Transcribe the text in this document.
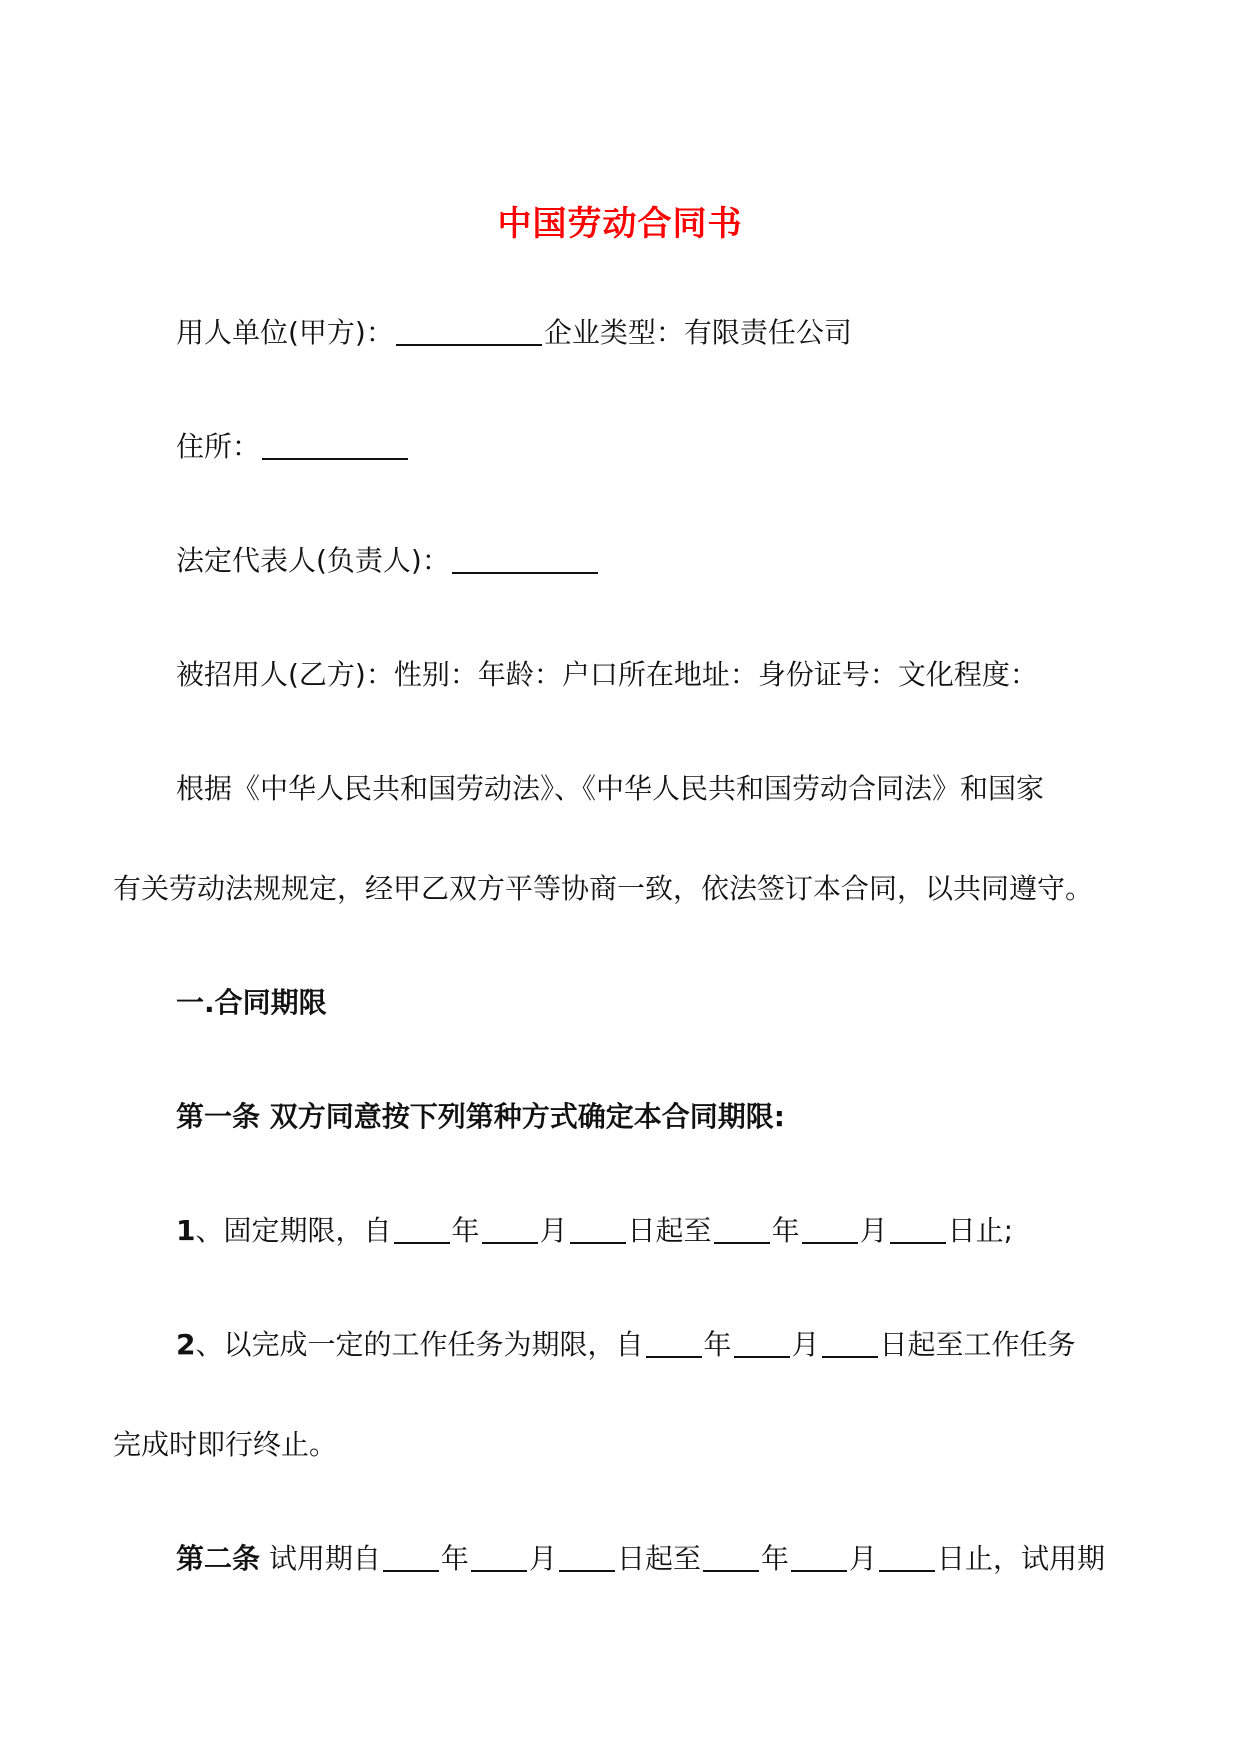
中国劳动合同书
用人单位(甲方)：	企业类型：有限责任公司
住所：
法定代表人(负责人)：
被招用人(乙方)：性别：年龄：户口所在地址：身份证号：文化程度：
根据《中华人民共和国劳动法》、《中华人民共和国劳动合同法》和国家
有关劳动法规规定，经甲乙双方平等协商一致，依法签订本合同，以共同遵守。
一.合同期限
第一条 双方同意按下列第种方式确定本合同期限:
1、固定期限，自 年 月 日起至 年 月 日止;
2、以完成一定的工作任务为期限，自 年 月 日起至工作任务
完成时即行终止。
第二条 试用期自 年 月 日起至 年 月 日止，试用期
